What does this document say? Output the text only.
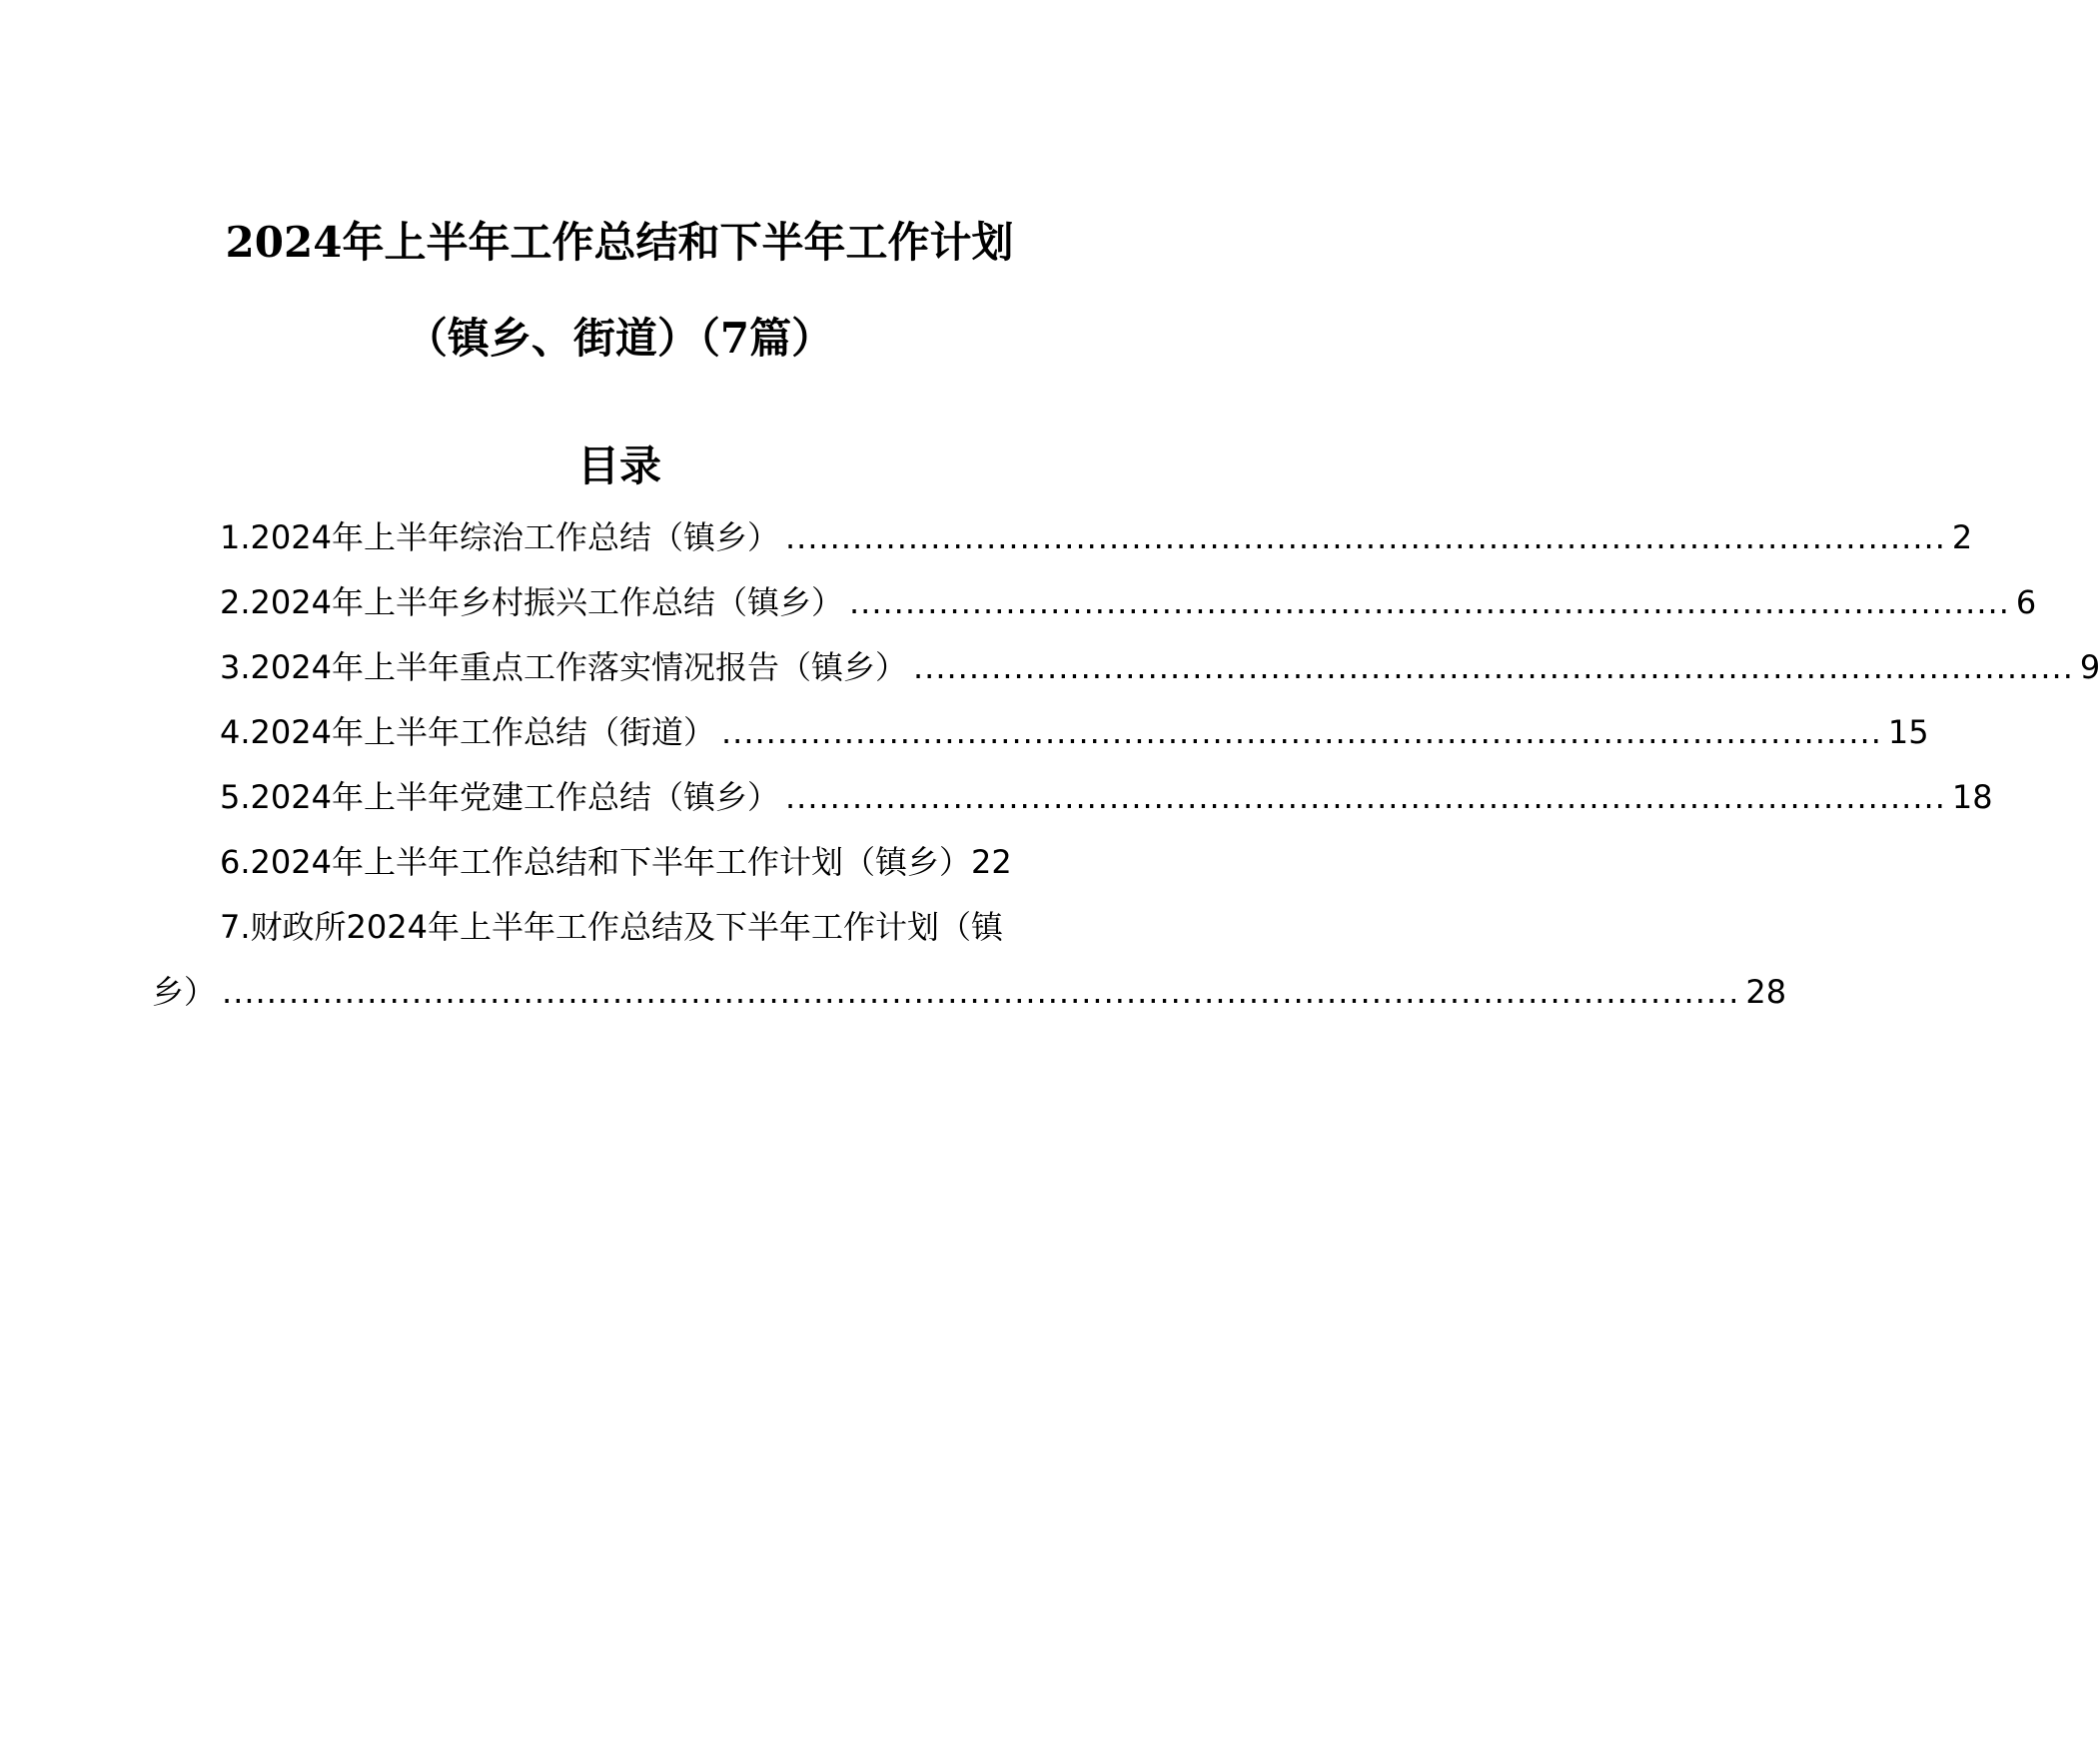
2024年上半年工作总结和下半年工作计划
（镇乡、街道）（7篇）
目录
1.2024年上半年综治工作总结（镇乡） ........................................................................................................ 2
2.2024年上半年乡村振兴工作总结（镇乡） ........................................................................................................ 6
3.2024年上半年重点工作落实情况报告（镇乡） ........................................................................................................ 9
4.2024年上半年工作总结（街道） ........................................................................................................ 15
5.2024年上半年党建工作总结（镇乡） ........................................................................................................ 18
6.2024年上半年工作总结和下半年工作计划（镇乡） 22
7.财政所2024年上半年工作总结及下半年工作计划（镇
乡） ........................................................................................................................................ 28
